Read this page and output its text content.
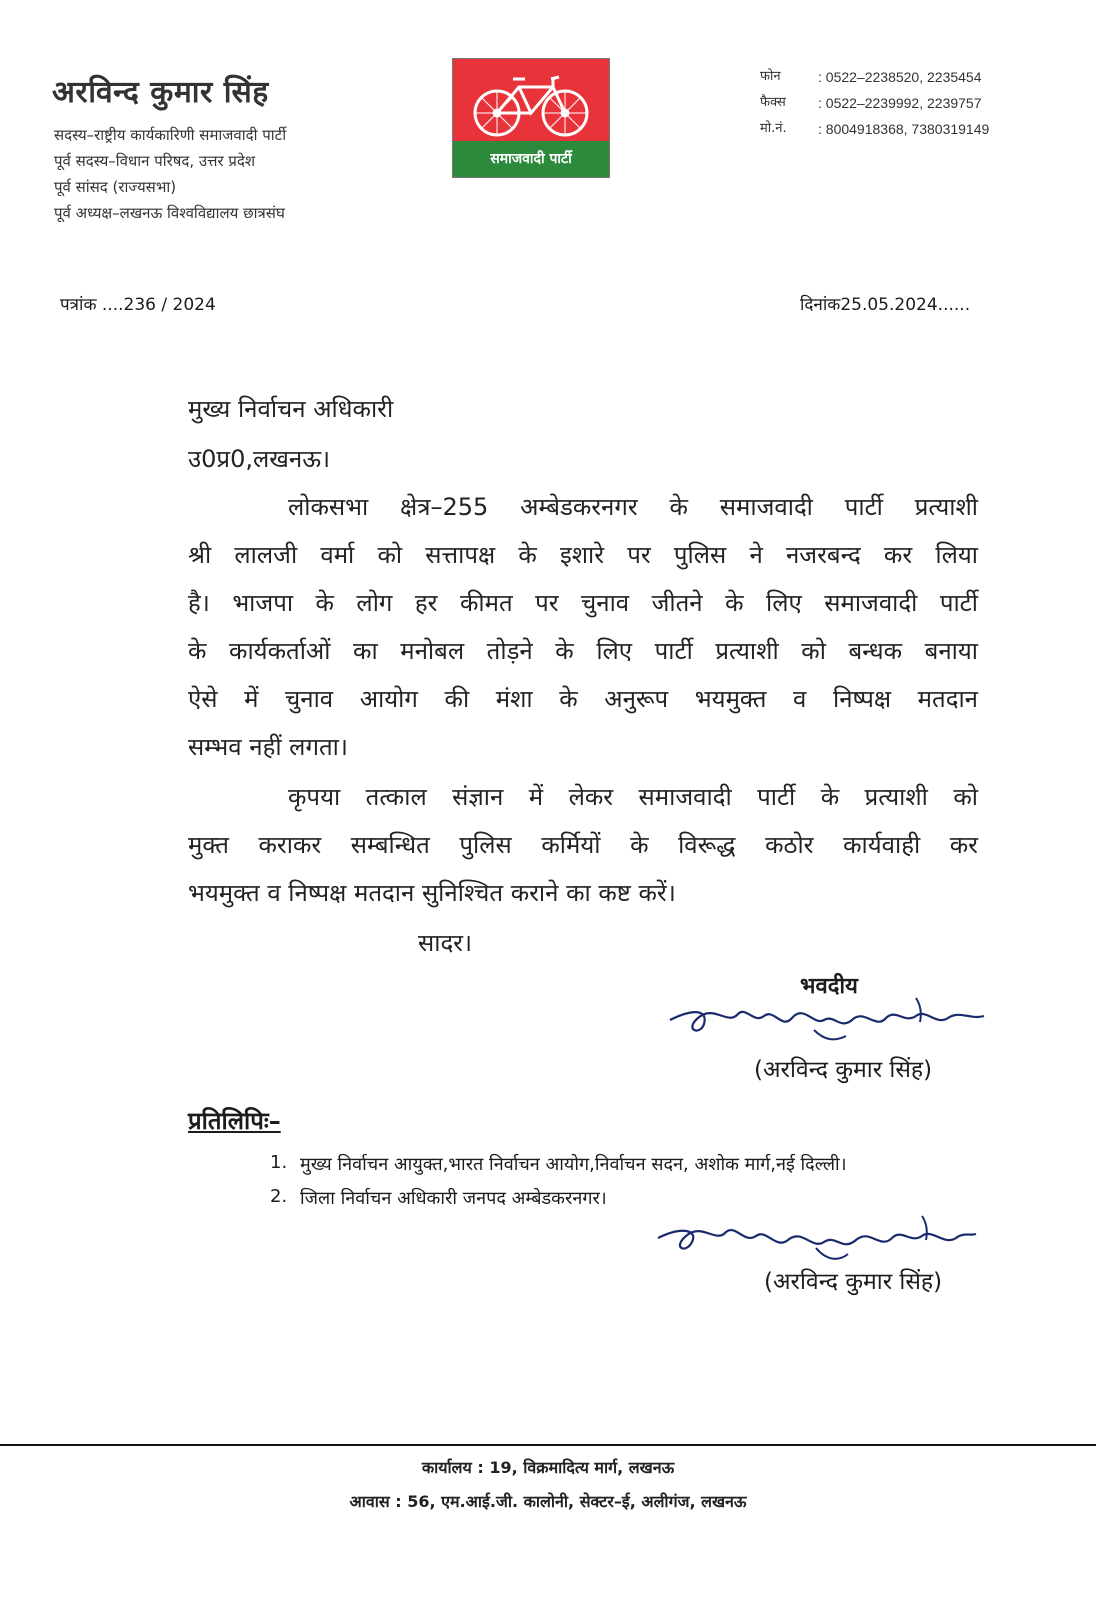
अरविन्द कुमार सिंह
सदस्य–राष्ट्रीय कार्यकारिणी समाजवादी पार्टी
पूर्व सदस्य–विधान परिषद, उत्तर प्रदेश
पूर्व सांसद (राज्यसभा)
पूर्व अध्यक्ष–लखनऊ विश्वविद्यालय छात्रसंघ
समाजवादी पार्टी
फोन	: 0522–2238520, 2235454
फैक्स	: 0522–2239992, 2239757
मो.नं.	: 8004918368, 7380319149
पत्रांक ....236 / 2024	दिनांक25.05.2024......
मुख्य निर्वाचन अधिकारी
उ0प्र0,लखनऊ।
लोकसभा क्षेत्र–255 अम्बेडकरनगर के समाजवादी पार्टी प्रत्याशी
श्री लालजी वर्मा को सत्तापक्ष के इशारे पर पुलिस ने नजरबन्द कर लिया
है। भाजपा के लोग हर कीमत पर चुनाव जीतने के लिए समाजवादी पार्टी
के कार्यकर्ताओं का मनोबल तोड़ने के लिए पार्टी प्रत्याशी को बन्धक बनाया
ऐसे में चुनाव आयोग की मंशा के अनुरूप भयमुक्त व निष्पक्ष मतदान
सम्भव नहीं लगता।
कृपया तत्काल संज्ञान में लेकर समाजवादी पार्टी के प्रत्याशी को
मुक्त कराकर सम्बन्धित पुलिस कर्मियों के विरूद्ध कठोर कार्यवाही कर
भयमुक्त व निष्पक्ष मतदान सुनिश्चित कराने का कष्ट करें।
सादर।
भवदीय
(अरविन्द कुमार सिंह)
प्रतिलिपिः–
1. मुख्य निर्वाचन आयुक्त,भारत निर्वाचन आयोग,निर्वाचन सदन, अशोक मार्ग,नई दिल्ली।
2. जिला निर्वाचन अधिकारी जनपद अम्बेडकरनगर।
(अरविन्द कुमार सिंह)
कार्यालय : 19, विक्रमादित्य मार्ग, लखनऊ
आवास : 56, एम.आई.जी. कालोनी, सेक्टर–ई, अलीगंज, लखनऊ
